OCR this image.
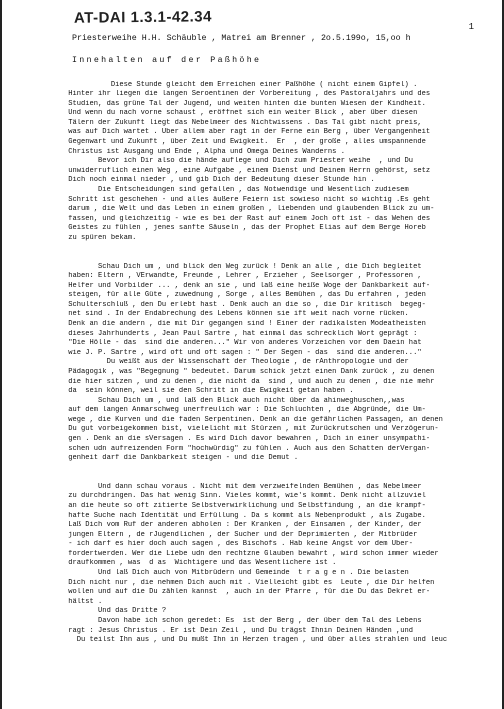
AT-DAI 1.3.1-42.34
1
Priesterweihe H.H. Schäuble , Matrei am Brenner , 2o.5.199o, 15,oo h
Innehalten auf der Paßhöhe
Diese Stunde gleicht dem Erreichen einer Paßhöhe ( nicht einem Gipfel) .
Hinter ihr liegen die langen Seroentinen der Vorbereitung , des Pastoraljahrs und des
Studien, das grüne Tal der Jugend, und weiten hinten die bunten Wiesen der Kindheit.
Und wenn du nach vorne schaust , eröffnet sich ein weiter Blick , aber über diesen
Tälern der Zukunft liegt das Nebelmeer des Nichtwissens . Das Tal gibt nicht preis,
was auf Dich wartet . Über allem aber ragt in der Ferne ein Berg , über Vergangenheit
Gegenwart und Zukunft , über Zeit und Ewigkeit.  Er  , der große , alles umspannende
Christus ist Ausgang und Ende , Alpha und Omega Deines Wanderns .
Bevor ich Dir also die hände auflege und Dich zum Priester weihe  , und Du
unwiderruflich einen Weg , eine Aufgabe , einem Dienst und Deinem Herrn gehörst, setz
Dich noch einmal nieder , und gib Dich der Bedeutung dieser Stunde hin .
Die Entscheidungen sind gefallen , das Notwendige und Wesentlich zudiesem
Schritt ist geschehen - und alles äußere Feiern ist sowieso nicht so wichtig .Es geht
darum , die Welt und das Leben in einem großen , liebenden und glaubenden Blick zu um-
fassen, und gleichzeitig - wie es bei der Rast auf einem Joch oft ist - das Wehen des
Geistes zu fühlen , jenes sanfte Säuseln , das der Prophet Elias auf dem Berge Horeb
zu spüren bekam.
Schau Dich um , und blick den Weg zurück ! Denk an alle , die Dich begleitet
haben: Eltern , VErwandte, Freunde , Lehrer , Erzieher , Seelsorger , Professoren ,
Helfer und Vorbilder ... , denk an sie , und laß eine heiße Woge der Dankbarkeit auf-
steigen, für alle Güte , zuwednung , Sorge , alles Bemühen , das Du erfahren , jeden
Schulterschluß , den Du erlebt hast . Denk auch an die so , die Dir kritisch  begeg-
net sind . In der Endabrechung des Lebens können sie ift weit nach vorne rücken.
Denk an die andern , die mit Dir gegangen sind ! Einer der radikalsten Modeatheisten
dieses Jahrhunderts , Jean Paul Sartre , hat einmal das schrecklich Wort geprägt :
"Die Hölle - das  sind die anderen..." Wir von anderes Vorzeichen vor dem Daein hat
wie J. P. Sartre , wird oft und oft sagen : " Der Segen - das  sind die anderen..."
Du weißt aus der Wissenschaft der Theologie , de rAnthropologie und der
Pädagogik , was "Begegnung " bedeutet. Darum schick jetzt einen Dank zurück , zu denen
die hier sitzen , und zu denen , die nicht da  sind , und auch zu denen , die nie mehr
da  sein können, weil sie den Schritt in die Ewigkeit getan haben .
Schau Dich um , und laß den Blick auch nicht über da ahinweghuschen,,was
auf dem langen Anmarschweg unerfreulich war : Die Schluchten , die Abgründe, die Um-
wege , die Kurven und die faden Serpentinen. Denk an die gefährlichen Passagen, an denen
Du gut vorbeigekommen bist, vielelicht mit Stürzen , mit Zurückrutschen und Verzögerun-
gen . Denk an die sVersagen . Es wird Dich davor bewahren , Dich in einer unsympathi-
schen udn aufreizenden Form "hochwürdig" zu fühlen . Auch aus den Schatten derVergan-
genheit darf die Dankbarkeit steigen - und die Demut .
Und dann schau voraus . Nicht mit dem verzweifelnden Bemühen , das Nebelmeer
zu durchdringen. Das hat wenig Sinn. Vieles kommt, wie's kommt. Denk nicht allzuviel
an die heute so oft zitierte Selbstverwirklichung und Selbstfindung , an die krampf-
hafte Suche nach Identität und Erfüllung . Da s kommt als Nebenprodukt , als Zugabe.
Laß Dich vom Ruf der anderen abholen : Der Kranken , der Einsamen , der Kinder, der
jungen Eltern , de rJugendlichen , der Sucher und der Deprimierten , der Mitbrüder
- ich darf es hier doch auch sagen , des Bischofs . Hab keine Angst vor dem Über-
fordertwerden. Wer die Liebe udn den rechtzne Glauben bewahrt , wird schon immer wieder
draufkommen , was  d as  Wichtigere und das Wesentlichere ist .
Und laß Dich auch von Mitbrüdern und Gemeinde  t r a g e n . Die belasten
Dich nicht nur , die nehmen Dich auch mit . Vielleicht gibt es  Leute , die Dir helfen
wollen und auf die Du zählen kannst  , auch in der Pfarre , für die Du das Dekret er-
hältst .
Und das Dritte ?
Davon habe ich schon geredet: Es  ist der Berg , der über dem Tal des Lebens
ragt : Jesus Christus . Er ist Dein Zeil , und Du trägst Ihnin Deinen Händen ,und
Du teilst Ihn aus , und Du mußt Ihn in Herzen tragen , und über alles strahlen und leuc
